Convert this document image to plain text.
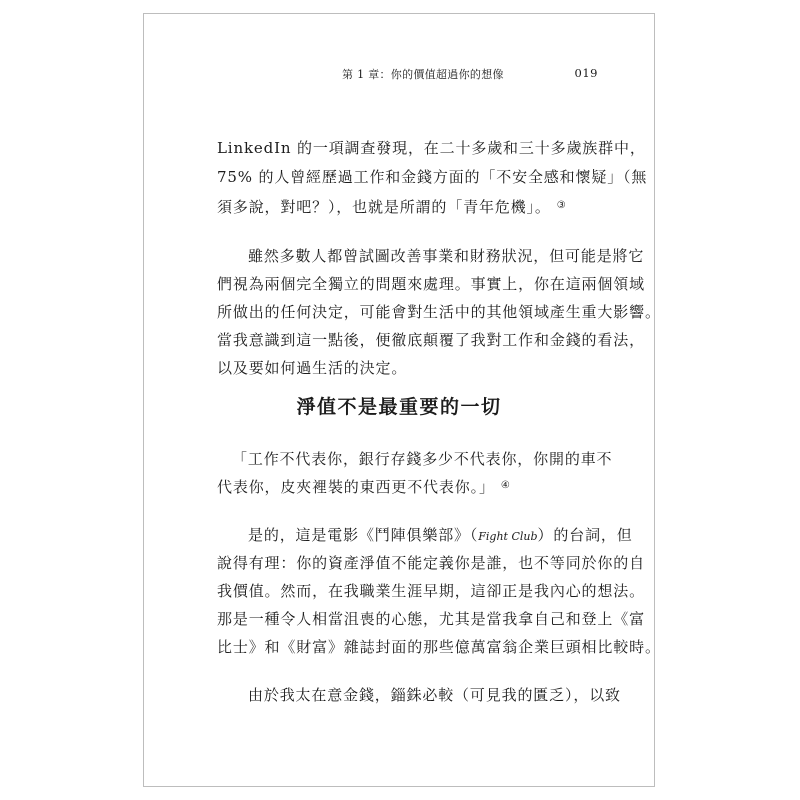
第 1 章：你的價值超過你的想像	019
LinkedIn 的一項調查發現，在二十多歲和三十多歲族群中，
75% 的人曾經歷過工作和金錢方面的「不安全感和懷疑」（無
須多說，對吧？），也就是所謂的「青年危機」。 ③
雖然多數人都曾試圖改善事業和財務狀況，但可能是將它
們視為兩個完全獨立的問題來處理。事實上，你在這兩個領域
所做出的任何決定，可能會對生活中的其他領域產生重大影響。
當我意識到這一點後，便徹底顛覆了我對工作和金錢的看法，
以及要如何過生活的決定。
淨值不是最重要的一切
「工作不代表你，銀行存錢多少不代表你，你開的車不
代表你，皮夾裡裝的東西更不代表你。」 ④
是的，這是電影《鬥陣俱樂部》（Fight Club）的台詞，但
說得有理：你的資產淨值不能定義你是誰，也不等同於你的自
我價值。然而，在我職業生涯早期，這卻正是我內心的想法。
那是一種令人相當沮喪的心態，尤其是當我拿自己和登上《富
比士》和《財富》雜誌封面的那些億萬富翁企業巨頭相比較時。
由於我太在意金錢，錙銖必較（可見我的匱乏），以致
